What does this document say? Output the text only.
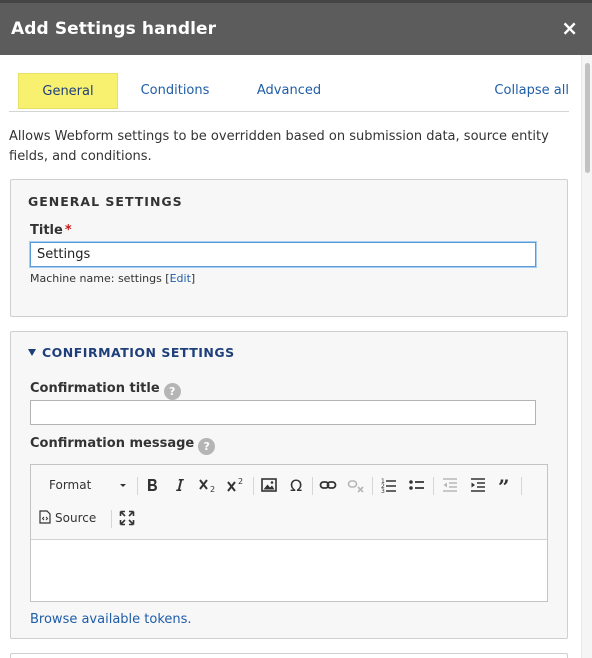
Add Settings handler	×
General	Conditions	Advanced	Collapse all
Allows Webform settings to be overridden based on submission data, source entity fields, and conditions.
GENERAL SETTINGS
Title *
Settings
Machine name: settings [Edit]
CONFIRMATION SETTINGS
Confirmation title ?
Confirmation message ?
Format	2
2	Ω	1
2
3	”
Source
Browse available tokens.
